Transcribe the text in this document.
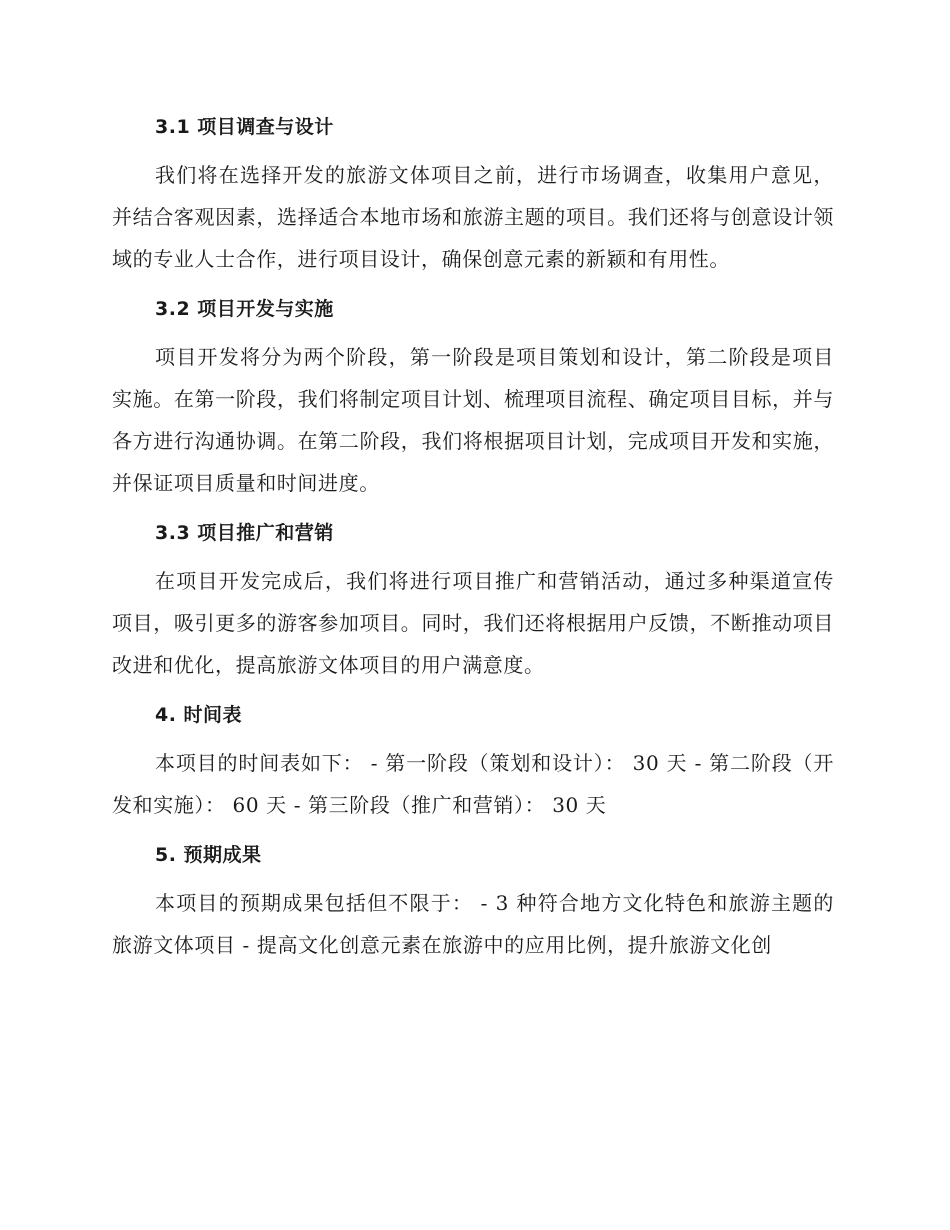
3.1 项目调查与设计

我们将在选择开发的旅游文体项目之前，进行市场调查，收集用户意见，并结合客观因素，选择适合本地市场和旅游主题的项目。我们还将与创意设计领域的专业人士合作，进行项目设计，确保创意元素的新颖和有用性。

3.2 项目开发与实施

项目开发将分为两个阶段，第一阶段是项目策划和设计，第二阶段是项目实施。在第一阶段，我们将制定项目计划、梳理项目流程、确定项目目标，并与各方进行沟通协调。在第二阶段，我们将根据项目计划，完成项目开发和实施，并保证项目质量和时间进度。

3.3 项目推广和营销

在项目开发完成后，我们将进行项目推广和营销活动，通过多种渠道宣传项目，吸引更多的游客参加项目。同时，我们还将根据用户反馈，不断推动项目改进和优化，提高旅游文体项目的用户满意度。

4. 时间表

本项目的时间表如下： - 第一阶段（策划和设计）： 30 天 - 第二阶段（开发和实施）： 60 天 - 第三阶段（推广和营销）： 30 天

5. 预期成果

本项目的预期成果包括但不限于： - 3 种符合地方文化特色和旅游主题的旅游文体项目 - 提高文化创意元素在旅游中的应用比例，提升旅游文化创
